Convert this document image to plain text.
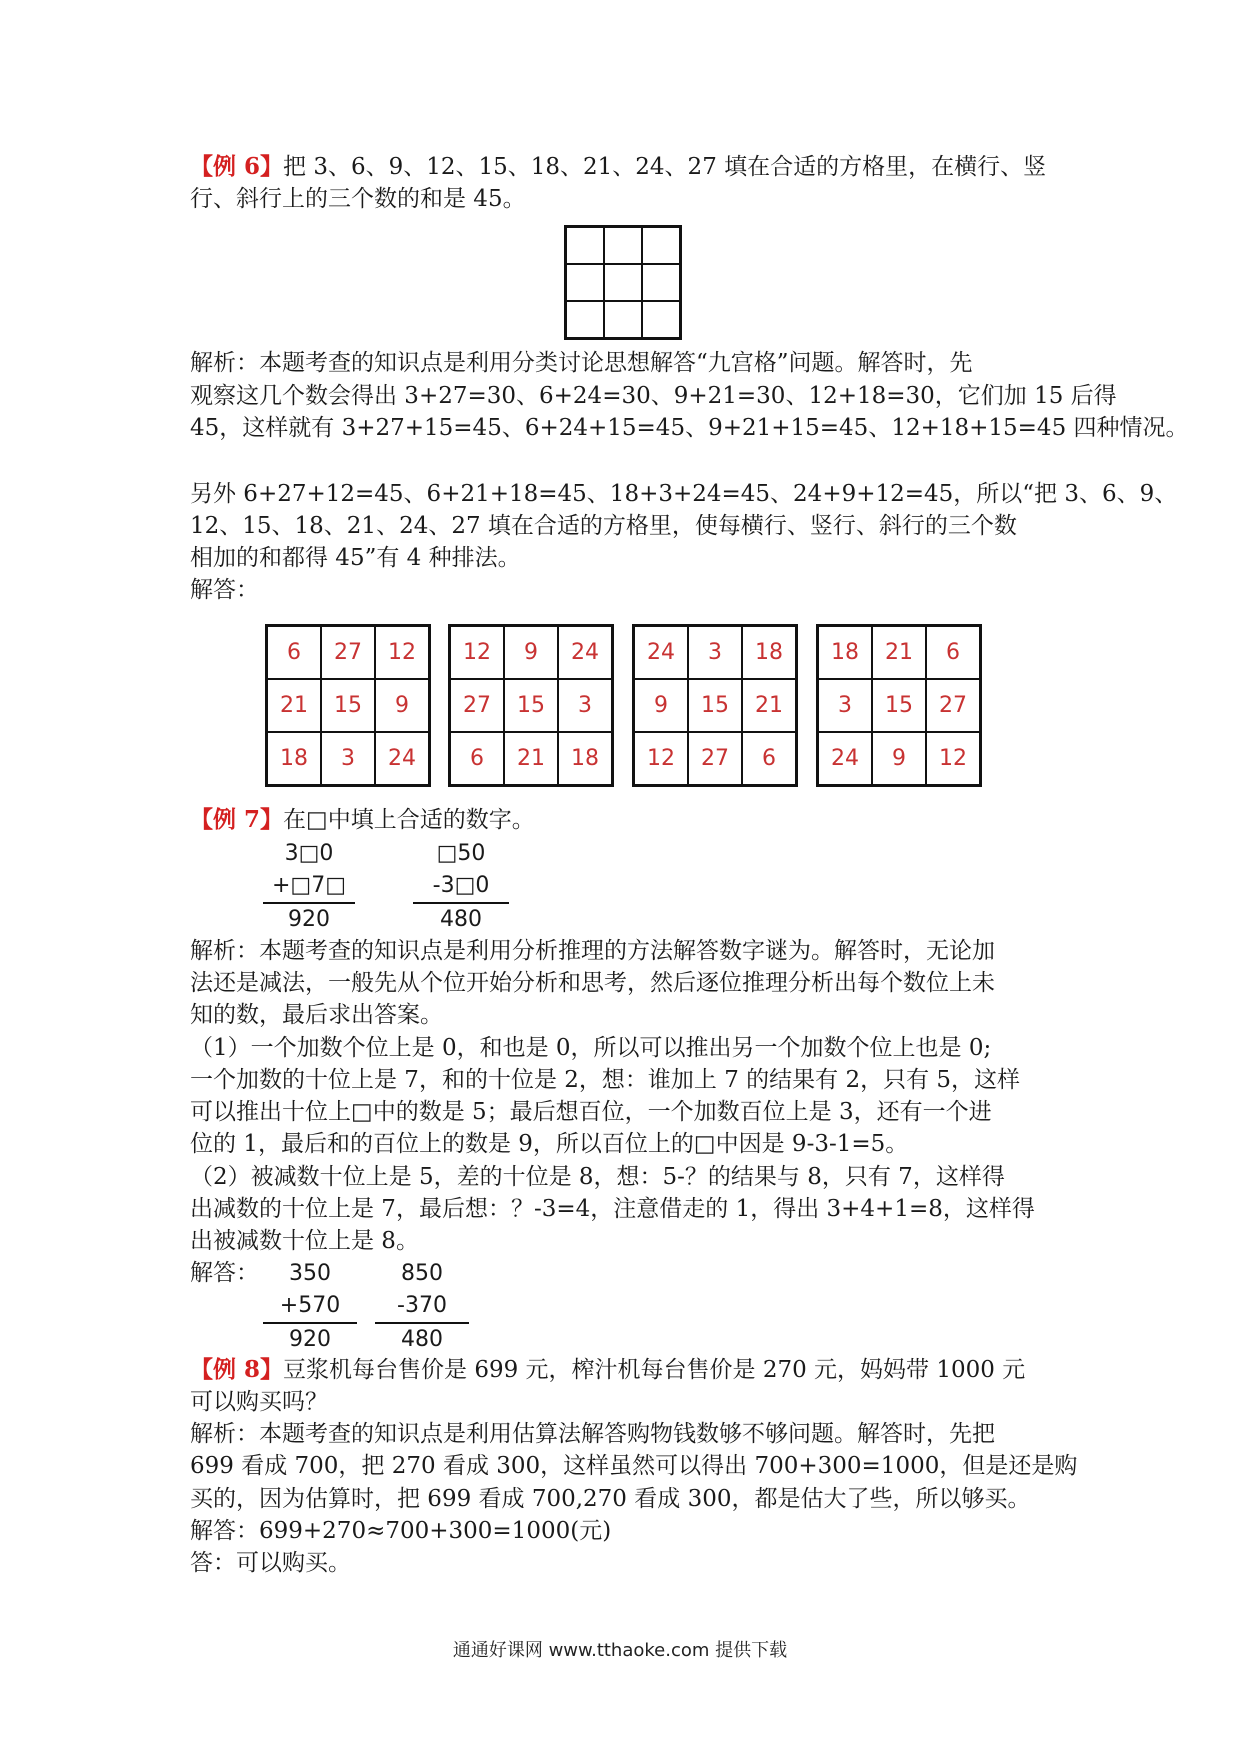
【例 6】把 3、6、9、12、15、18、21、24、27 填在合适的方格里，在横行、竖
行、斜行上的三个数的和是 45。
解析：本题考查的知识点是利用分类讨论思想解答“九宫格”问题。解答时，先
观察这几个数会得出 3+27=30、6+24=30、9+21=30、12+18=30，它们加 15 后得
45，这样就有 3+27+15=45、6+24+15=45、9+21+15=45、12+18+15=45 四种情况。
另外 6+27+12=45、6+21+18=45、18+3+24=45、24+9+12=45，所以“把 3、6、9、
12、15、18、21、24、27 填在合适的方格里，使每横行、竖行、斜行的三个数
相加的和都得 45”有 4 种排法。
解答：
6	27	12
21	15	9
18	3	24
12	9	24
27	15	3
6	21	18
24	3	18
9	15	21
12	27	6
18	21	6
3	15	27
24	9	12
【例 7】在□中填上合适的数字。
3□0
+□7□
920
□50
-3□0
480
解析：本题考查的知识点是利用分析推理的方法解答数字谜为。解答时，无论加
法还是减法，一般先从个位开始分析和思考，然后逐位推理分析出每个数位上未
知的数，最后求出答案。
（1）一个加数个位上是 0，和也是 0，所以可以推出另一个加数个位上也是 0;
一个加数的十位上是 7，和的十位是 2，想：谁加上 7 的结果有 2，只有 5，这样
可以推出十位上□中的数是 5；最后想百位，一个加数百位上是 3，还有一个进
位的 1，最后和的百位上的数是 9，所以百位上的□中因是 9-3-1=5。
（2）被减数十位上是 5，差的十位是 8，想：5-？的结果与 8，只有 7，这样得
出减数的十位上是 7，最后想：？-3=4，注意借走的 1，得出 3+4+1=8，这样得
出被减数十位上是 8。
解答：	350
+570
920
850
-370
480
【例 8】豆浆机每台售价是 699 元，榨汁机每台售价是 270 元，妈妈带 1000 元
可以购买吗？
解析：本题考查的知识点是利用估算法解答购物钱数够不够问题。解答时，先把
699 看成 700，把 270 看成 300，这样虽然可以得出 700+300=1000，但是还是购
买的，因为估算时，把 699 看成 700,270 看成 300，都是估大了些，所以够买。
解答：699+270≈700+300=1000(元)
答：可以购买。
通通好课网 www.tthaoke.com 提供下载
